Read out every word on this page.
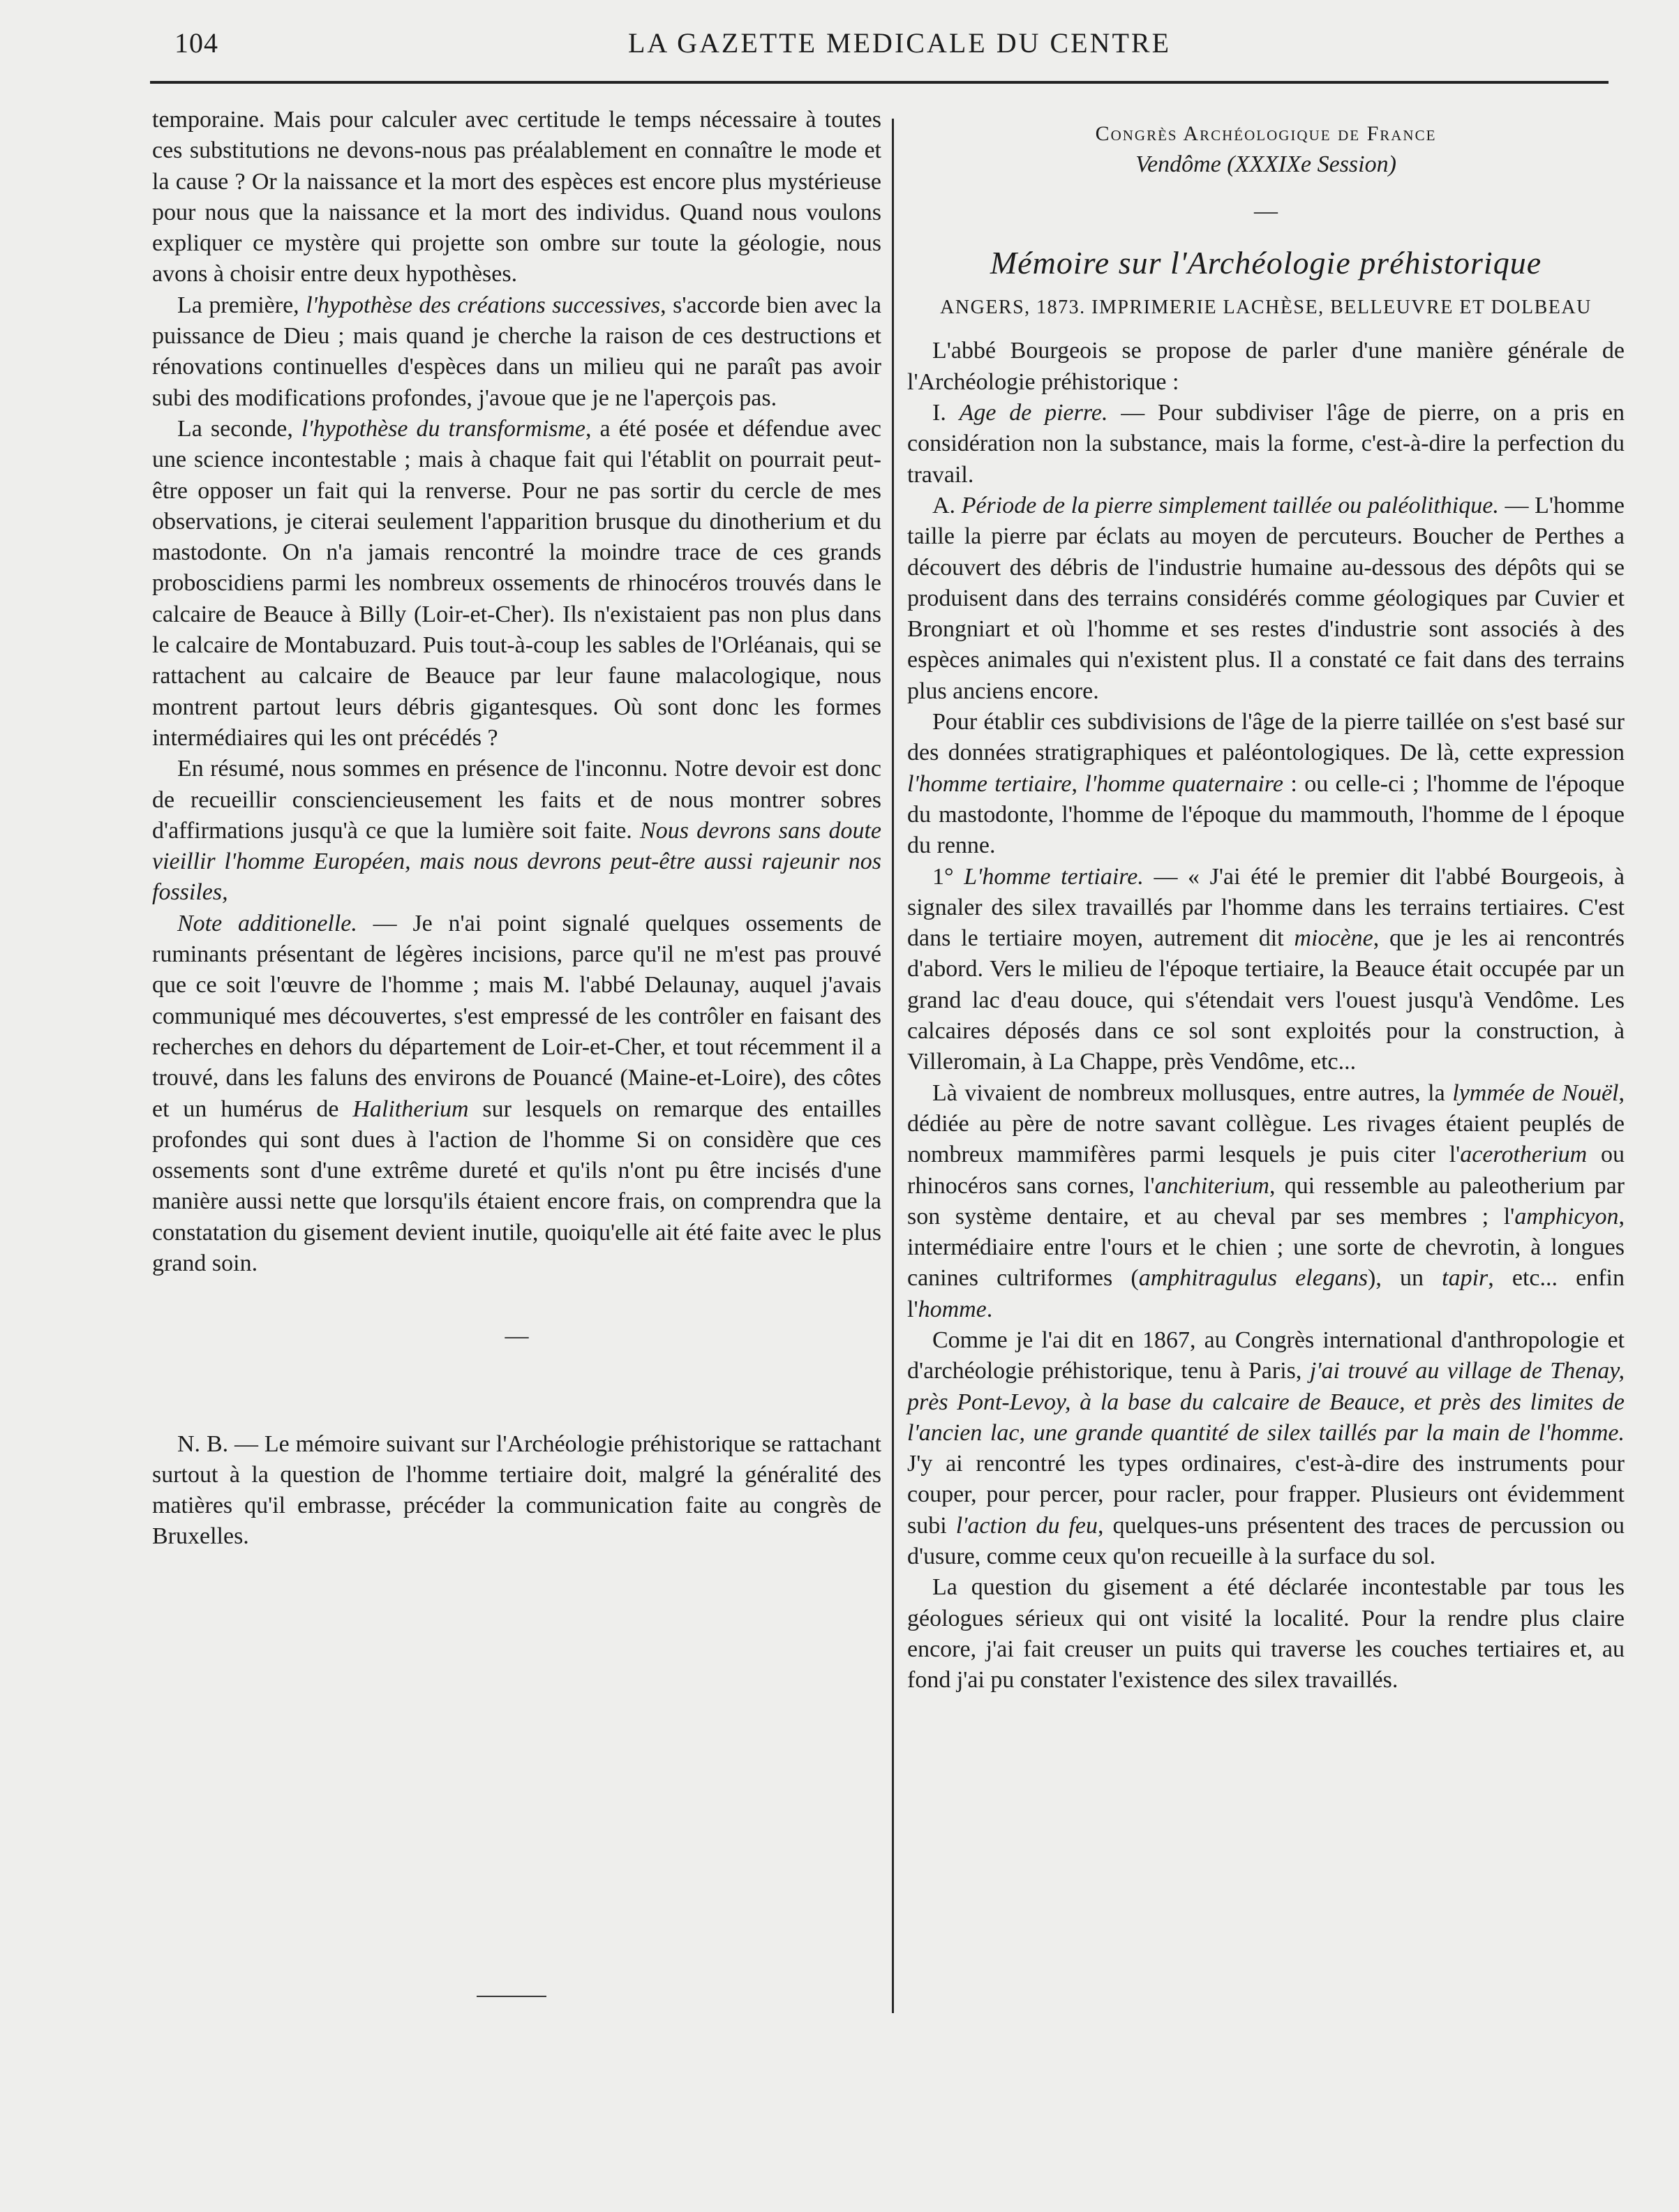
104	LA GAZETTE MEDICALE DU CENTRE

temporaine. Mais pour calculer avec certitude le temps nécessaire à toutes ces substitutions ne devons-nous pas préalablement en connaître le mode et la cause ? Or la naissance et la mort des espèces est encore plus mystérieuse pour nous que la naissance et la mort des individus. Quand nous voulons expliquer ce mystère qui projette son ombre sur toute la géologie, nous avons à choisir entre deux hypothèses.

La première, l'hypothèse des créations successives, s'accorde bien avec la puissance de Dieu ; mais quand je cherche la raison de ces destructions et rénovations continuelles d'espèces dans un milieu qui ne paraît pas avoir subi des modifications profondes, j'avoue que je ne l'aperçois pas.

La seconde, l'hypothèse du transformisme, a été posée et défendue avec une science incontestable ; mais à chaque fait qui l'établit on pourrait peut-être opposer un fait qui la renverse. Pour ne pas sortir du cercle de mes observations, je citerai seulement l'apparition brusque du dinotherium et du mastodonte. On n'a jamais rencontré la moindre trace de ces grands proboscidiens parmi les nombreux ossements de rhinocéros trouvés dans le calcaire de Beauce à Billy (Loir-et-Cher). Ils n'existaient pas non plus dans le calcaire de Montabuzard. Puis tout-à-coup les sables de l'Orléanais, qui se rattachent au calcaire de Beauce par leur faune malacologique, nous montrent partout leurs débris gigantesques. Où sont donc les formes intermédiaires qui les ont précédés ?

En résumé, nous sommes en présence de l'inconnu. Notre devoir est donc de recueillir consciencieusement les faits et de nous montrer sobres d'affirmations jusqu'à ce que la lumière soit faite. Nous devrons sans doute vieillir l'homme Européen, mais nous devrons peut-être aussi rajeunir nos fossiles,

Note additionelle. — Je n'ai point signalé quelques ossements de ruminants présentant de légères incisions, parce qu'il ne m'est pas prouvé que ce soit l'œuvre de l'homme ; mais M. l'abbé Delaunay, auquel j'avais communiqué mes découvertes, s'est empressé de les contrôler en faisant des recherches en dehors du département de Loir-et-Cher, et tout récemment il a trouvé, dans les faluns des environs de Pouancé (Maine-et-Loire), des côtes et un humérus de Halitherium sur lesquels on remarque des entailles profondes qui sont dues à l'action de l'homme Si on considère que ces ossements sont d'une extrême dureté et qu'ils n'ont pu être incisés d'une manière aussi nette que lorsqu'ils étaient encore frais, on comprendra que la constatation du gisement devient inutile, quoiqu'elle ait été faite avec le plus grand soin.

—

N. B. — Le mémoire suivant sur l'Archéologie préhistorique se rattachant surtout à la question de l'homme tertiaire doit, malgré la généralité des matières qu'il embrasse, précéder la communication faite au congrès de Bruxelles.

Congrès Archéologique de France

Vendôme (XXXIXe Session)

—

Mémoire sur l'Archéologie préhistorique

ANGERS, 1873. IMPRIMERIE LACHÈSE, BELLEUVRE ET DOLBEAU

L'abbé Bourgeois se propose de parler d'une manière générale de l'Archéologie préhistorique :

I. Age de pierre. — Pour subdiviser l'âge de pierre, on a pris en considération non la substance, mais la forme, c'est-à-dire la perfection du travail.

A. Période de la pierre simplement taillée ou paléolithique. — L'homme taille la pierre par éclats au moyen de percuteurs. Boucher de Perthes a découvert des débris de l'industrie humaine au-dessous des dépôts qui se produisent dans des terrains considérés comme géologiques par Cuvier et Brongniart et où l'homme et ses restes d'industrie sont associés à des espèces animales qui n'existent plus. Il a constaté ce fait dans des terrains plus anciens encore.

Pour établir ces subdivisions de l'âge de la pierre taillée on s'est basé sur des données stratigraphiques et paléontologiques. De là, cette expression l'homme tertiaire, l'homme quaternaire : ou celle-ci ; l'homme de l'époque du mastodonte, l'homme de l'époque du mammouth, l'homme de l époque du renne.

1° L'homme tertiaire. — « J'ai été le premier dit l'abbé Bourgeois, à signaler des silex travaillés par l'homme dans les terrains tertiaires. C'est dans le tertiaire moyen, autrement dit miocène, que je les ai rencontrés d'abord. Vers le milieu de l'époque tertiaire, la Beauce était occupée par un grand lac d'eau douce, qui s'étendait vers l'ouest jusqu'à Vendôme. Les calcaires déposés dans ce sol sont exploités pour la construction, à Villeromain, à La Chappe, près Vendôme, etc...

Là vivaient de nombreux mollusques, entre autres, la lymmée de Nouël, dédiée au père de notre savant collègue. Les rivages étaient peuplés de nombreux mammifères parmi lesquels je puis citer l'acerotherium ou rhinocéros sans cornes, l'anchiterium, qui ressemble au paleotherium par son système dentaire, et au cheval par ses membres ; l'amphicyon, intermédiaire entre l'ours et le chien ; une sorte de chevrotin, à longues canines cultriformes (amphitragulus elegans), un tapir, etc... enfin l'homme.

Comme je l'ai dit en 1867, au Congrès international d'anthropologie et d'archéologie préhistorique, tenu à Paris, j'ai trouvé au village de Thenay, près Pont-Levoy, à la base du calcaire de Beauce, et près des limites de l'ancien lac, une grande quantité de silex taillés par la main de l'homme. J'y ai rencontré les types ordinaires, c'est-à-dire des instruments pour couper, pour percer, pour racler, pour frapper. Plusieurs ont évidemment subi l'action du feu, quelques-uns présentent des traces de percussion ou d'usure, comme ceux qu'on recueille à la surface du sol.

La question du gisement a été déclarée incontestable par tous les géologues sérieux qui ont visité la localité. Pour la rendre plus claire encore, j'ai fait creuser un puits qui traverse les couches tertiaires et, au fond j'ai pu constater l'existence des silex travaillés.
